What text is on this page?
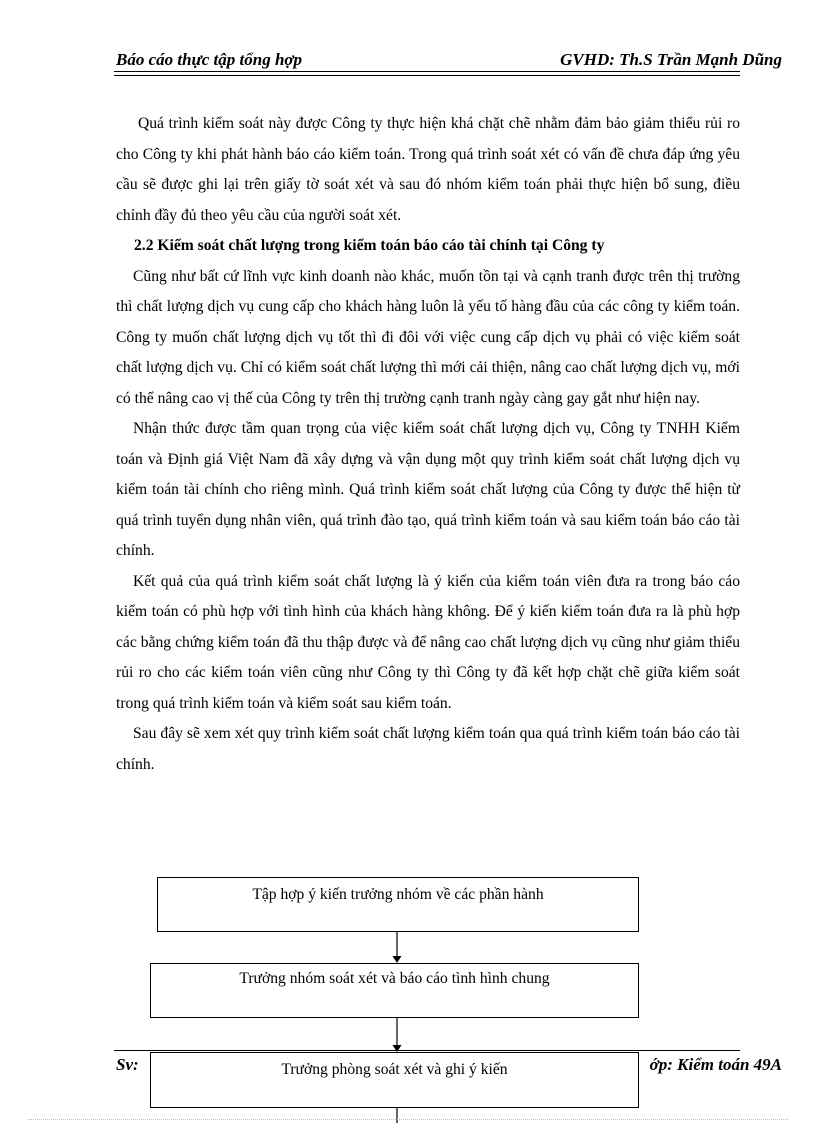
Báo cáo thực tập tổng hợp	GVHD: Th.S Trần Mạnh Dũng

Quá trình kiểm soát này được Công ty thực hiện khá chặt chẽ nhằm đảm bảo giảm thiểu rủi ro cho Công ty khi phát hành báo cáo kiểm toán. Trong quá trình soát xét có vấn đề chưa đáp ứng yêu cầu sẽ được ghi lại trên giấy tờ soát xét và sau đó nhóm kiểm toán phải thực hiện bổ sung, điều chỉnh đầy đủ theo yêu cầu của người soát xét.

2.2 Kiểm soát chất lượng trong kiểm toán báo cáo tài chính tại Công ty

Cũng như bất cứ lĩnh vực kinh doanh nào khác, muốn tồn tại và cạnh tranh được trên thị trường thì chất lượng dịch vụ cung cấp cho khách hàng luôn là yếu tố hàng đầu của các công ty kiểm toán. Công ty muốn chất lượng dịch vụ tốt thì đi đôi với việc cung cấp dịch vụ phải có việc kiểm soát chất lượng dịch vụ. Chỉ có kiểm soát chất lượng thì mới cải thiện, nâng cao chất lượng dịch vụ, mới có thể nâng cao vị thế của Công ty trên thị trường cạnh tranh ngày càng gay gắt như hiện nay.

Nhận thức được tầm quan trọng của việc kiểm soát chất lượng dịch vụ, Công ty TNHH Kiểm toán và Định giá Việt Nam đã xây dựng và vận dụng một quy trình kiểm soát chất lượng dịch vụ kiểm toán tài chính cho riêng mình. Quá trình kiểm soát chất lượng của Công ty được thể hiện từ quá trình tuyển dụng nhân viên, quá trình đào tạo, quá trình kiểm toán và sau kiểm toán báo cáo tài chính.

Kết quả của quá trình kiểm soát chất lượng là ý kiến của kiểm toán viên đưa ra trong báo cáo kiểm toán có phù hợp với tình hình của khách hàng không. Để ý kiến kiểm toán đưa ra là phù hợp các bằng chứng kiểm toán đã thu thập được và để nâng cao chất lượng dịch vụ cũng như giảm thiểu rủi ro cho các kiểm toán viên cũng như Công ty thì Công ty đã kết hợp chặt chẽ giữa kiểm soát trong quá trình kiểm toán và kiểm soát sau kiểm toán.

Sau đây sẽ xem xét quy trình kiểm soát chất lượng kiểm toán qua quá trình kiểm toán báo cáo tài chính.

Tập hợp ý kiến trưởng nhóm về các phần hành
Trưởng nhóm soát xét và báo cáo tình hình chung
Sv:	ớp: Kiểm toán 49A
Trưởng phòng soát xét và ghi ý kiến
